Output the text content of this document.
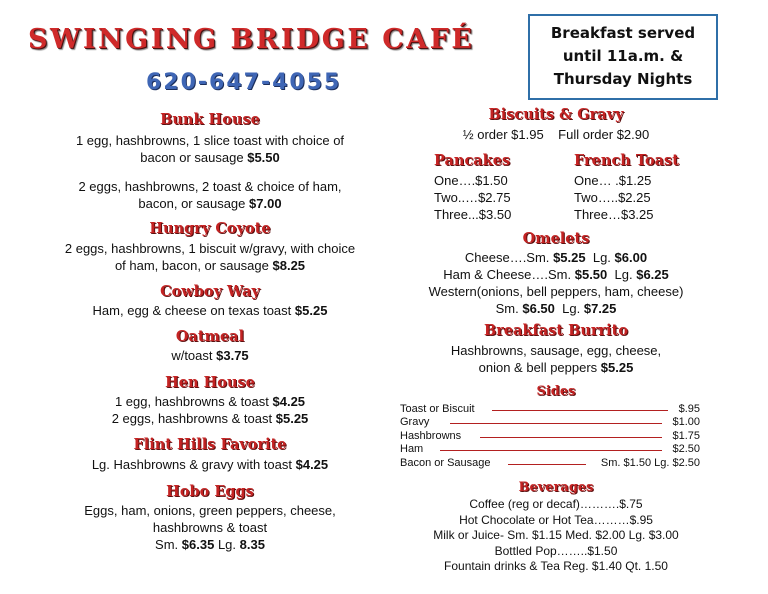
SWINGING BRIDGE CAFÉ
620-647-4055
Breakfast served
until 11a.m. &
Thursday Nights
Bunk House
1 egg, hashbrowns, 1 slice toast with choice of
bacon or sausage $5.50
2 eggs, hashbrowns, 2 toast & choice of ham,
bacon, or sausage $7.00
Hungry Coyote
2 eggs, hashbrowns, 1 biscuit w/gravy, with choice
of ham, bacon, or sausage $8.25
Cowboy Way
Ham, egg & cheese on texas toast $5.25
Oatmeal
w/toast $3.75
Hen House
1 egg, hashbrowns & toast $4.25
2 eggs, hashbrowns & toast $5.25
Flint Hills Favorite
Lg. Hashbrowns & gravy with toast $4.25
Hobo Eggs
Eggs, ham, onions, green peppers, cheese,
hashbrowns & toast
Sm. $6.35 Lg. 8.35
Biscuits & Gravy
½ order $1.95 Full order $2.90
Pancakes
One….$1.50
Two..…$2.75
Three...$3.50
French Toast
One… .$1.25
Two…..$2.25
Three…$3.25
Omelets
Cheese….Sm. $5.25 Lg. $6.00
Ham & Cheese….Sm. $5.50 Lg. $6.25
Western(onions, bell peppers, ham, cheese)
Sm. $6.50 Lg. $7.25
Breakfast Burrito
Hashbrowns, sausage, egg, cheese,
onion & bell peppers $5.25
Sides
Toast or Biscuit	$.95
Gravy	$1.00
Hashbrowns	$1.75
Ham	$2.50
Bacon or Sausage	Sm. $1.50 Lg. $2.50
Beverages
Coffee (reg or decaf)……….$.75
Hot Chocolate or Hot Tea………$.95
Milk or Juice- Sm. $1.15 Med. $2.00 Lg. $3.00
Bottled Pop……..$1.50
Fountain drinks & Tea Reg. $1.40 Qt. 1.50
